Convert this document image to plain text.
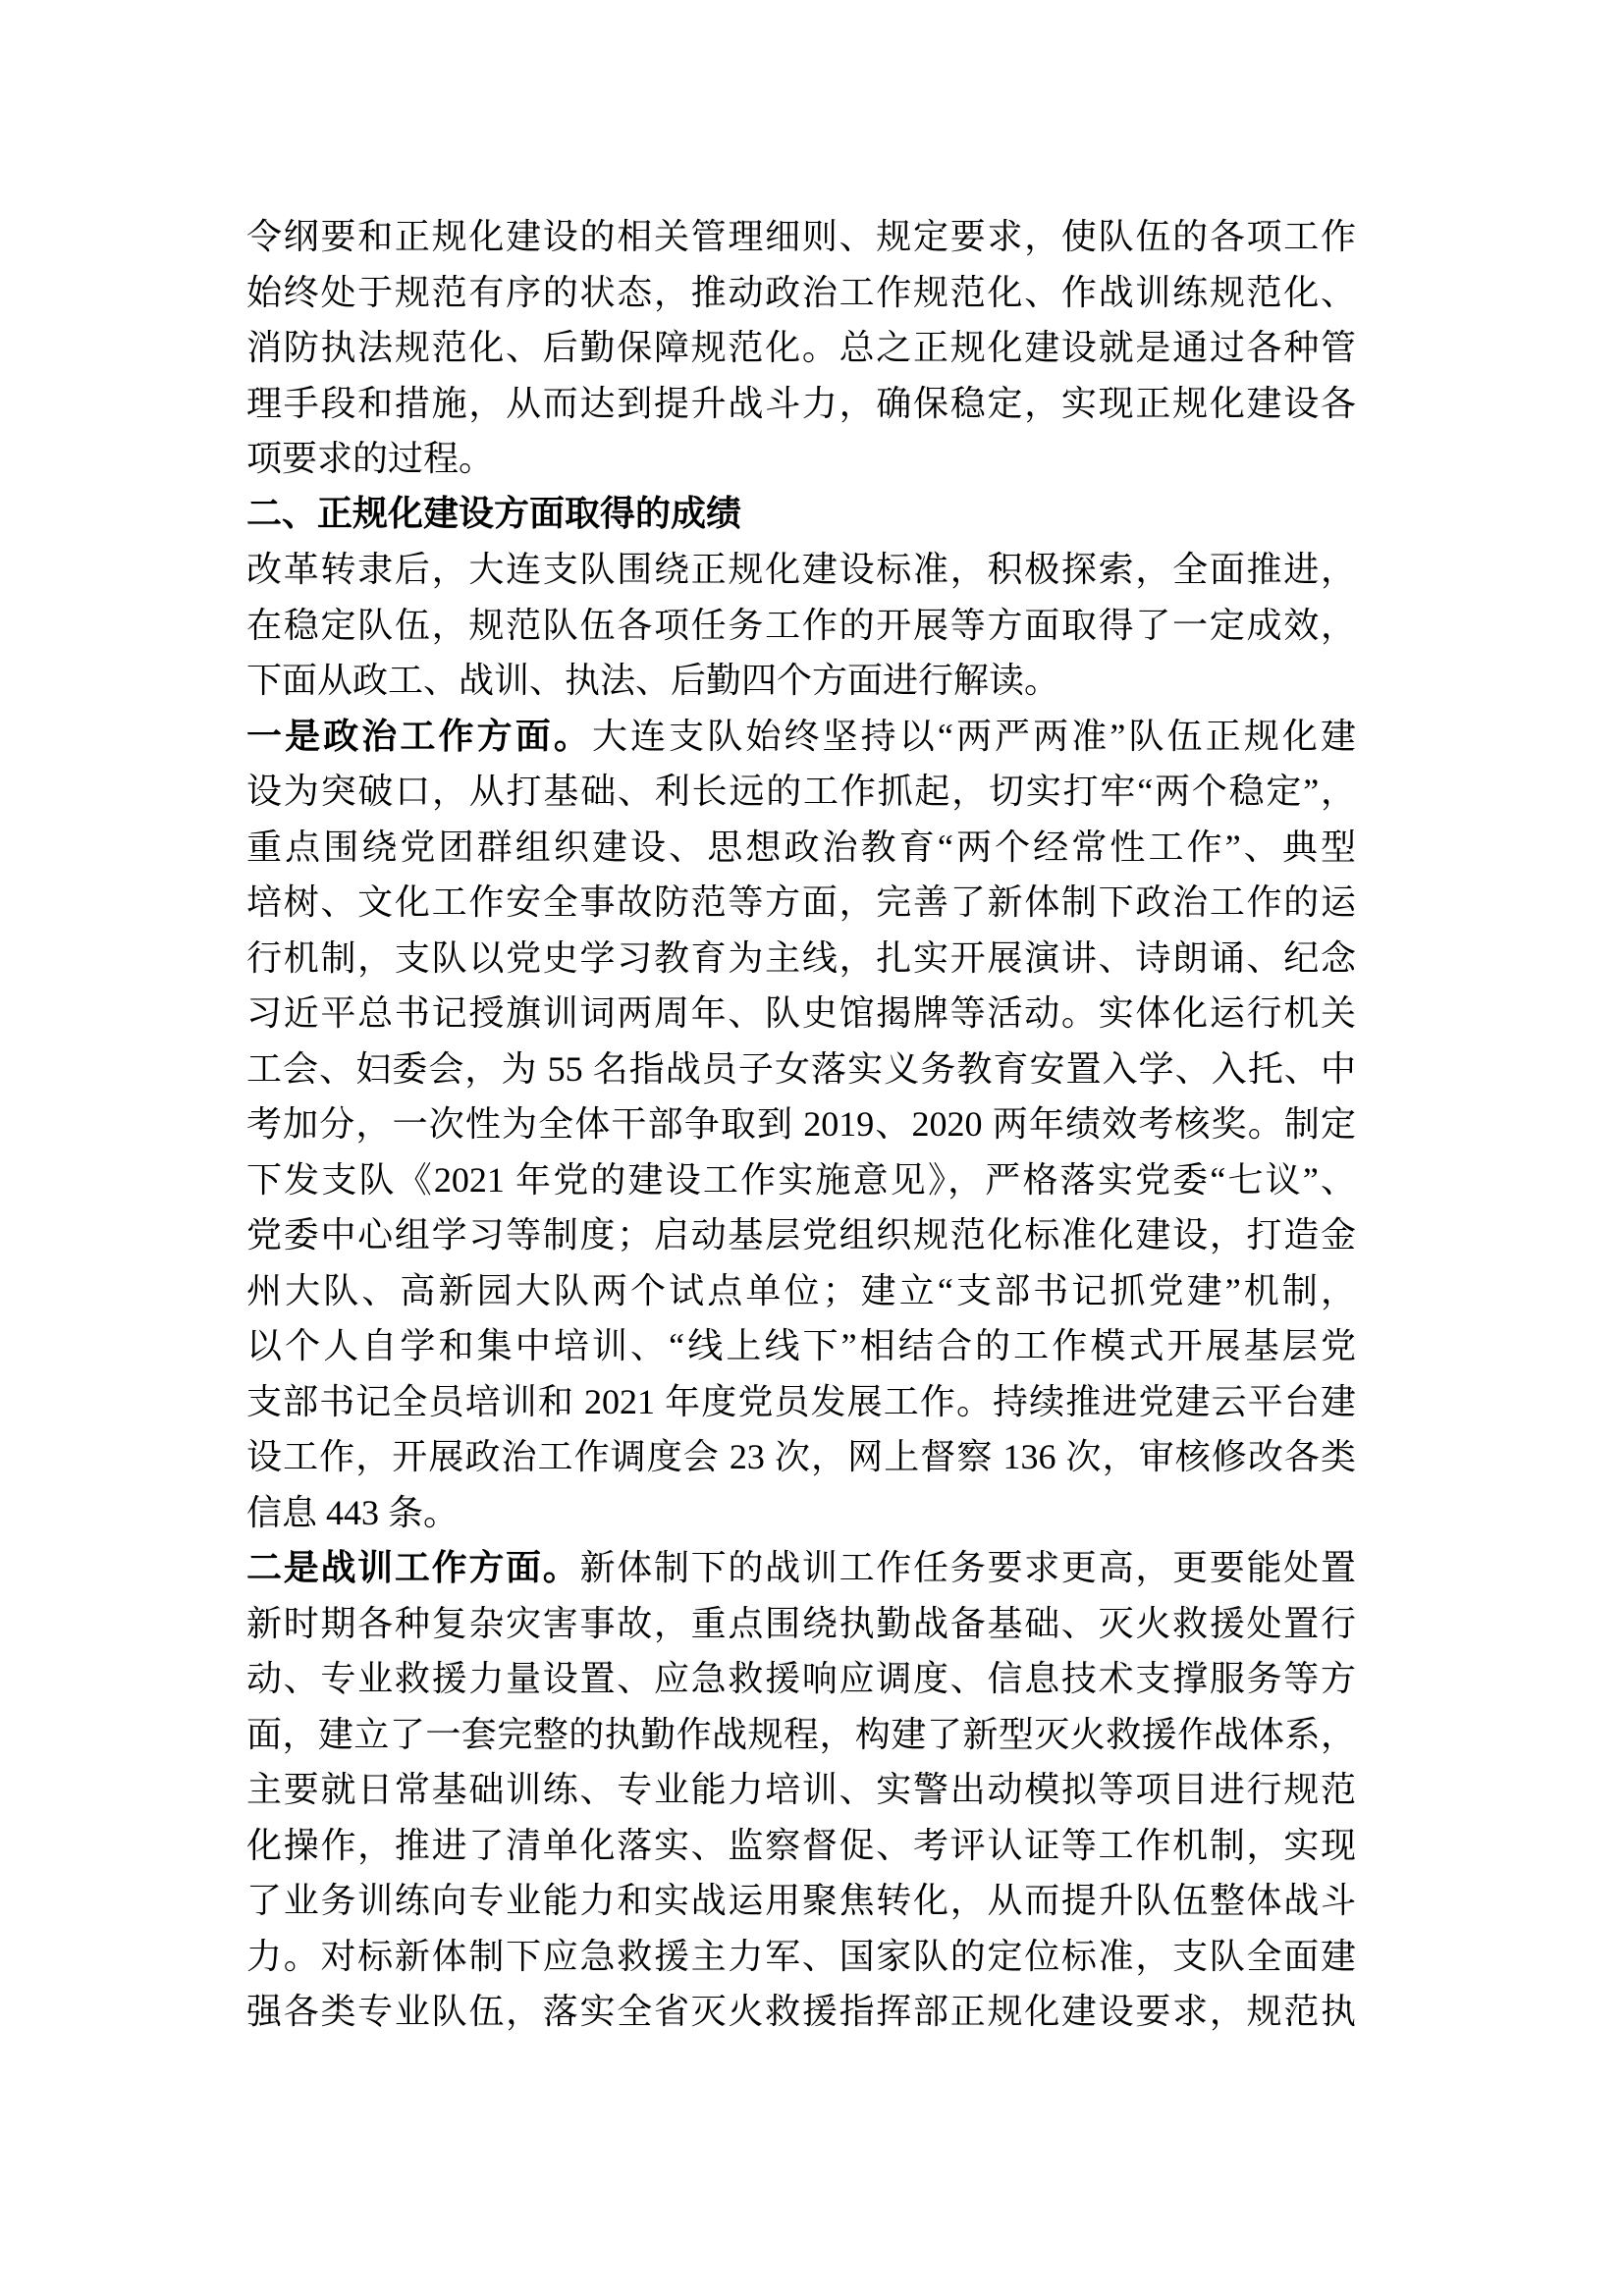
令纲要和正规化建设的相关管理细则、规定要求，使队伍的各项工作
始终处于规范有序的状态，推动政治工作规范化、作战训练规范化、
消防执法规范化、后勤保障规范化。总之正规化建设就是通过各种管
理手段和措施，从而达到提升战斗力，确保稳定，实现正规化建设各
项要求的过程。
二、正规化建设方面取得的成绩
改革转隶后，大连支队围绕正规化建设标准，积极探索，全面推进，
在稳定队伍，规范队伍各项任务工作的开展等方面取得了一定成效，
下面从政工、战训、执法、后勤四个方面进行解读。
一是政治工作方面。大连支队始终坚持以“两严两准”队伍正规化建
设为突破口，从打基础、利长远的工作抓起，切实打牢“两个稳定”，
重点围绕党团群组织建设、思想政治教育“两个经常性工作”、典型
培树、文化工作安全事故防范等方面，完善了新体制下政治工作的运
行机制，支队以党史学习教育为主线，扎实开展演讲、诗朗诵、纪念
习近平总书记授旗训词两周年、队史馆揭牌等活动。实体化运行机关
工会、妇委会，为 55 名指战员子女落实义务教育安置入学、入托、中
考加分，一次性为全体干部争取到 2019、2020 两年绩效考核奖。制定
下发支队《2021 年党的建设工作实施意见》，严格落实党委“七议”、
党委中心组学习等制度；启动基层党组织规范化标准化建设，打造金
州大队、高新园大队两个试点单位；建立“支部书记抓党建”机制，
以个人自学和集中培训、“线上线下”相结合的工作模式开展基层党
支部书记全员培训和 2021 年度党员发展工作。持续推进党建云平台建
设工作，开展政治工作调度会 23 次，网上督察 136 次，审核修改各类
信息 443 条。
二是战训工作方面。新体制下的战训工作任务要求更高，更要能处置
新时期各种复杂灾害事故，重点围绕执勤战备基础、灭火救援处置行
动、专业救援力量设置、应急救援响应调度、信息技术支撑服务等方
面，建立了一套完整的执勤作战规程，构建了新型灭火救援作战体系，
主要就日常基础训练、专业能力培训、实警出动模拟等项目进行规范
化操作，推进了清单化落实、监察督促、考评认证等工作机制，实现
了业务训练向专业能力和实战运用聚焦转化，从而提升队伍整体战斗
力。对标新体制下应急救援主力军、国家队的定位标准，支队全面建
强各类专业队伍，落实全省灭火救援指挥部正规化建设要求，规范执
